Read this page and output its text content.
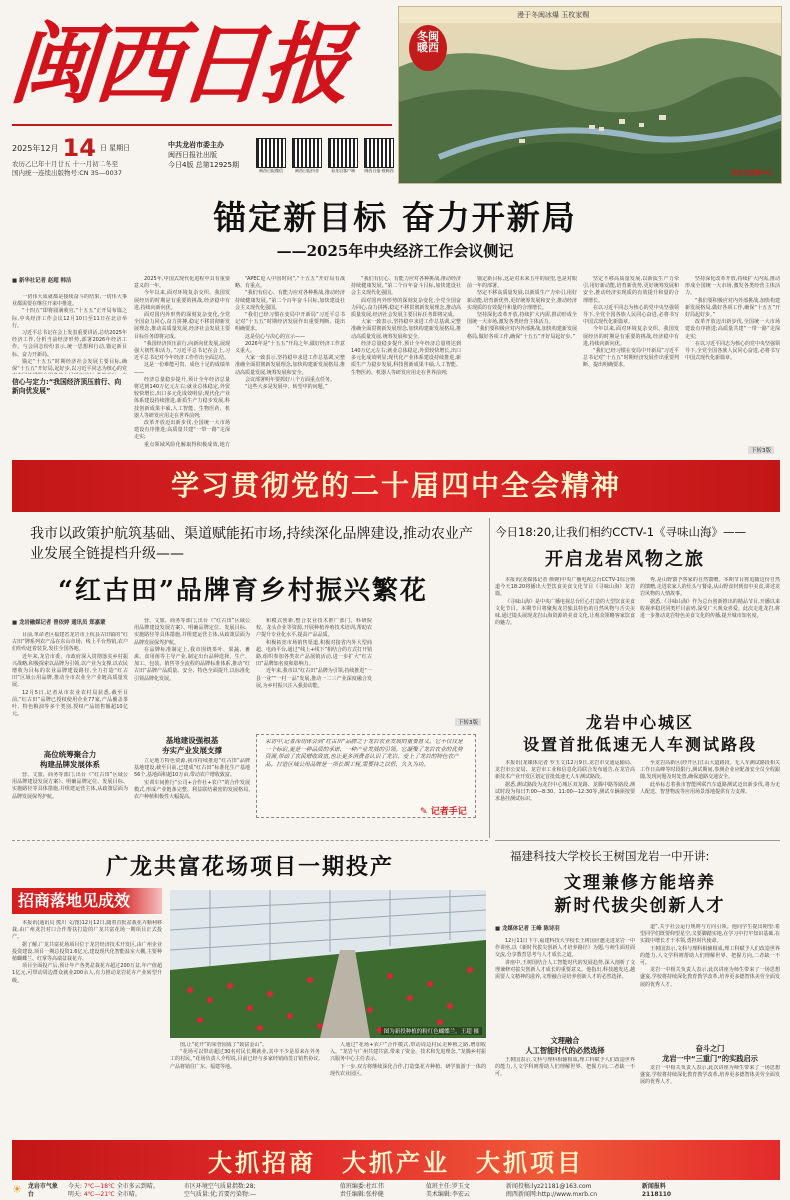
闽西日报
2025年12月 14 日 星期日
农历乙巳年十月廿五 十一月初二冬至
国内统一连续出版物号:CN 35—0037
中共龙岩市委主办
闽西日报社出版
今日4版 总第12925期
闽西日报微信	闽西日报抖音	看龙岩客户端	闽西日报·观闽西
漫于冬闽冰爆 玉枚家赐
冬闽
暖西
龙岩市旅游中心
锚定新目标 奋力开新局
——2025年中央经济工作会议侧记
■ 新华社记者 赵超 韩洁
一切伟大成就都是接续奋斗的结果,一切伟大事业都需要在继往开来中推进。
“十四五”即将圆满收官,“十五五”正开局布篇之际,中央经济工作会议12月10日至11日在北京举行。
习近平总书记在会上发表重要讲话,总结2025年经济工作,分析当前经济形势,部署2026年经济工作。与会同志纷纷表示,统一思想和行动,锚定新目标、奋力开新局。
锚定“十五五”时期经济社会发展主要目标,确保“十五五”开好局,起好步,以习近平同志为核心的党
信心与定力:“我国经济顶压前行、向新向优发展”
2025年,中国式现代化进程中具有重要意义的一年。
今年以来,面对环境复杂交织、我国发展经历的时期是有重要的挑战,经济稳中有进,持续向新向优。
面对国内外形势的深刻复杂变化,全党全国奋力同心,奋力拼搏,稳定不移贯彻新发展理念,推动高质量发展,经济社会发展主要目标任务即将完成。
“我国经济顶压前行,向新向优发展,展现强大韧性和活力。”习近平总书记在会上,习近平总书记对今年经济工作作出全面总结。
这是一份难能可贵、成色十足的成绩单——
经济总量稳步提升,预计全年经济总量将达到140万亿元左右;就业总体稳定,外贸较快增长,出口多元化成效明显;现代化产业体系建设持续推进,新质生产力稳步发展,科技创新成果丰硕,人工智能、生物医药、机器人等研发应用走在世界前列;
改革开放迈出新步伐,全国统一大市场建设有序推进;高质量共建“一带一路”走深走实;
重点领域风险化解取得积极成效,地方
“APEC进入中国时间”,“十五五”开好局有战略、有重点。
“我们有信心、有能力应对各种挑战,推动经济持续健康发展。”第二个百年奋斗目标,加快建设社会主义现代化强国。
“我们已经习惯在变局中开新局”习近平总书记对“十五五”时期经济发展作出重要判断、提出明确要求。
这是信心与决心的宣示——
2026年是“十五五”开局之年,做好经济工作意义重大。
大家一致表示,坚持稳中求进工作总基调,完整准确全面贯彻新发展理念,加快构建新发展格局,推动高质量发展,统筹发展和安全。
会议部署明年要抓好八个方面重点任务。
“这些大多是发展中、转型中的问题。”
“我们有信心、有能力应对各种挑战,推动经济持续健康发展。”第二个百年奋斗目标,加快建设社会主义现代化强国。
面对国内外形势的深刻复杂变化,全党全国奋力同心,奋力拼搏,稳定不移贯彻新发展理念,推动高质量发展,经济社会发展主要目标任务即将完成。
大家一致表示,坚持稳中求进工作总基调,完整准确全面贯彻新发展理念,加快构建新发展格局,推动高质量发展,统筹发展和安全。
经济总量稳步提升,预计全年经济总量将达到140万亿元左右;就业总体稳定,外贸较快增长,出口多元化成效明显;现代化产业体系建设持续推进,新质生产力稳步发展,科技创新成果丰硕,人工智能、生物医药、机器人等研发应用走在世界前列;
锚定新目标,这是对未来五年的展望,也是对眼前一年的部署。
坚定不移高质量发展,以新质生产力牵引,用好新动能,培育新优势,更好统筹发展和安全,推动经济实现质的有效提升和量的合理增长。
坚持深化改革开放,持续扩大内需,推动形成全国统一大市场,激发各类经营主体活力。
“我们要积极应对内外部挑战,加快构建新发展格局,做好各项工作,确保“十五五”开好局起好步。”
坚定不移高质量发展,以新质生产力牵引,用好新动能,培育新优势,更好统筹发展和安全,推动经济实现质的有效提升和量的合理增长。
在以习近平同志为核心的党中央坚强领导下,全党全国各族人民同心奋进,必将书写中国式现代化新篇章。
今年以来,面对环境复杂交织、我国发展经历的时期是有重要的挑战,经济稳中有进,持续向新向优。
“我们已经习惯在变局中开新局”习近平总书记对“十五五”时期经济发展作出重要判断、提出明确要求。
坚持深化改革开放,持续扩大内需,推动形成全国统一大市场,激发各类经营主体活力。
“我们要积极应对内外部挑战,加快构建新发展格局,做好各项工作,确保“十五五”开好局起好步。”
改革开放迈出新步伐,全国统一大市场建设有序推进;高质量共建“一带一路”走深走实;
在以习近平同志为核心的党中央坚强领导下,全党全国各族人民同心奋进,必将书写中国式现代化新篇章。
下转3版
学习贯彻党的二十届四中全会精神
我市以政策护航筑基础、渠道赋能拓市场,持续深化品牌建设,推动农业产业发展全链提档升级——
“红古田”品牌育乡村振兴繁花
■ 龙岩融媒记者 曾依婷 通讯员 郑嘉蒙
目前,革命老区福建省龙岩市上杭县古田镇的“红古田”牌系列农产品在东山市场、线上平台热销,农户们纷纷赶着装货,发往全国各地。
近年来,龙岩市委、市政府深入贯彻落实乡村振兴战略,积极探索以品牌为引领,以产业为支撑,以农民增收为目标的农业品牌建设路径,全力打造“红古田”区域公用品牌,推动全市农业全产业链高质量发展。
12月5日,记者从市农业农村局获悉,截至目前,“红古田”品牌已授权使用企业77家,产品覆盖茶叶、特色粮油等多个类别,授权产品销售额超10亿元。
高位统筹聚合力
构建品牌发展体系
营、文旅、商务等部门,出台《“红古田”区域公用品牌建设发展方案》、明确品牌定位、发展目标、实施路径等具体措施,并组建运营主体,从政策层面为品牌发展保驾护航。
营、文旅、商务等部门,出台《“红古田”区域公用品牌建设发展方案》、明确品牌定位、发展目标、实施路径等具体措施,并组建运营主体,从政策层面为品牌发展保驾护航。
在品牌标准制定上,我市围绕茶叶、果蔬、畜禽、食用菌等主导产业,制定出台品种选择、生产、加工、包装、销售等全流程的品牌标准体系,推动“红古田”品牌产品质量、安全、特色全面提升,以标准化引领品牌化发展。
基地建设强根基
夯实产业发展支撑
立足地方特色资源,我市持续推进“红古田”品牌基地建设,截至目前,已建成“红古田”标准化生产基地56个,基地面积超10万亩,带动农户增收致富。
实训车间推行“公司+合作社+农户”的合作发展模式,形成产业链条完整、利益联结紧密的发展格局,农户种植积极性大幅提高。
和模式创新,整合农业技术推广部门、科研院校、龙头企业等资源,开展种植养殖技术培训,帮助农户提升专业化水平,提高产品品质。
积极拓宽市场销售渠道,积极对接省内外大型商超、电商平台,通过“线上+线下”相结合的方式打开销路,组织参加各类农产品展销活动,进一步扩大“红古田”品牌知名度和影响力。
近年来,我市以“红古田”品牌为引领,持续推进“一县一业”“一村一品”发展,推动一二三产业深度融合发展,为乡村振兴注入强劲动能。
下转3版
采访中,记者深切体会到“红古田”品牌之于龙岩农业发展的重要意义。它不仅仅是一个标识,更是一种品质的承诺、一种产业发展的引领。它凝聚了龙岩农业的优势资源,带动了农民增收致富,也让更多消费者认识了龙岩、爱上了龙岩的特色农产品。打造区域公用品牌是一项长期工程,需要持之以恒、久久为功。
✎ 记者手记
今日18:20,让我们相约CCTV-1《寻味山海》——
开启龙岩风物之旅
本报讯(龙媒体记者 颜婉)中央广播电视总台CCTV-1综合频道今天18:20将播出大型饮食美食文化节目《寻味山海》龙岩篇。
《寻味山海》是中央广播电视总台匠心打造的大型饮食美食文化节目。本期节目将聚焦龙岩独具特色的自然风物与舌尖美味,通过镜头展现龙岩山海资源的美食文化,让观众领略客家饮食的魅力。
秀,是山野馈予客家的自然馈赠。本期节目将追随这份自然的馈赠,走进农家人的灶头与餐桌,从山野食材到盘中美食,讲述龙岩风物的人情故事。
据悉,《寻味山海》作为总台创新推出的精品节目,开播以来收视率稳居同类栏目前列,深受广大观众喜爱。此次走进龙岩,将进一步推动龙岩特色美食文化的传播,提升城市知名度。
龙岩中心城区
设置首批低速无人车测试路段
本报讯(龙媒体记者 罗玉文)12月9日,龙岩市交通运输局、龙岩市公安局、龙岩市工业和信息化局联合发布通告,在龙岩高新技术产业开发区划定首批低速无人车测试路段。
据悉,测试路段为龙岩中心城区双龙路、龙腾中路等路段,测试时段为每日7:00—8:30、11:00—12:30等,测试车辆须按要求悬挂测试标识。
至龙岩高新区(经开区)江山大道路段。无人车测试路段相关工作日高峰等时段限行,测试期间,参测企业应配备安全员全程跟随,发现问题及时处置,确保道路交通安全。
此举标志着我市智能网联汽车道路测试迈出新步伐,将为无人配送、智慧物流等应用场景落地提供有力支撑。
福建科技大学校长王树国龙岩一中开讲:
文理兼修方能培养
新时代拔尖创新人才
■ 龙媒体记者 王峰 陈诗羽
12月11日下午,福建科技大学校长王树国应邀走进龙岩一中作讲座,以《新时代拔尖创新人才培养路径》为题,与师生面对面交流,分享教育思考与人才成长之道。
讲座中,王树国结合人工智能时代的发展趋势,深入剖析了文理兼修对拔尖创新人才成长的重要意义。他指出,科技越发达,越需要人文精神的滋养,文理融合是培养创新人才的必然选择。
文理融合
人工智能时代的必然选择
王树国表示,文科与理科相辅相成,理工科赋予人们改造世界的能力,人文学科则帮助人们理解世界、把握方向,二者缺一不可。
道”,关乎社会运行规则与方向引领。他向学生提出期望:希望同学们既要仰望星空,又要脚踏实地,在学习中打牢知识基础,在实践中增长才干本领,勇担时代使命。
王树国表示,文科与理科相辅相成,理工科赋予人们改造世界的能力,人文学科则帮助人们理解世界、把握方向,二者缺一不可。
龙岩一中相关负责人表示,此次讲座为师生带来了一场思想盛宴,学校将持续深化教育教学改革,培养更多德智体美劳全面发展的优秀人才。
奋斗之门
龙岩一中“三重门”的实践启示
龙岩一中相关负责人表示,此次讲座为师生带来了一场思想盛宴,学校将持续深化教育教学改革,培养更多德智体美劳全面发展的优秀人才。
广龙共富花场项目一期投产
招商落地见成效
本报讯(通讯员 熊川 文/图)12月12日,随着首批盆栽花卉顺利移栽,由广州龙岩对口合作帮扶打造的广龙共富花场一期项目正式投产。
据了解,广龙共富花场项目位于龙岩经济技术开发区,由广州企业投资建设,项目一期总投资1.6亿元,建设现代化智能温室大棚,主要种植蝴蝶兰、红掌等高端盆栽花卉。
项目全面投产后,预计年产各类盆栽花卉超过200万盆,年产值超1亿元,可带动周边群众就业200余人,有力推动龙岩花卉产业转型升级。
图为新投种植的粉红色蝴蝶兰。王超 摄
图,让“花开”的荣誉园成了“致富金山”。
“花场可以带动超过30名村民长期就业,其中不少是原来在外务工的村民。”花场负责人介绍说,目前已经与多家经销商签订销售协议,产品将销往广东、福建等地。
人通过“花场+农户”合作模式,带动周边村民走种植之路,增加收入。“龙岩与广州共建共富,带来了资金、技术和先进理念。”龙腾乡村振兴服务中心主任表示。
下一步,双方将继续深化合作,打造集花卉种植、研学旅游于一体的现代农业园区。
大抓招商 大抓产业 大抓项目
☀ 龙岩市气象台
今天: 7℃—18℃ 全市多云到晴。
明天: 4℃—21℃ 全市晴。
市区环境空气质量指数:28;
空气质量:优;首要污染物:—
值班编委:杜红伟
责任编辑:张梓健
值班主任:罗玉文
美术编辑:李宏云
新闻投稿:lyz21181@163.com
闽西新闻网:http://www.mxrb.cn
新闻报料
2118110
